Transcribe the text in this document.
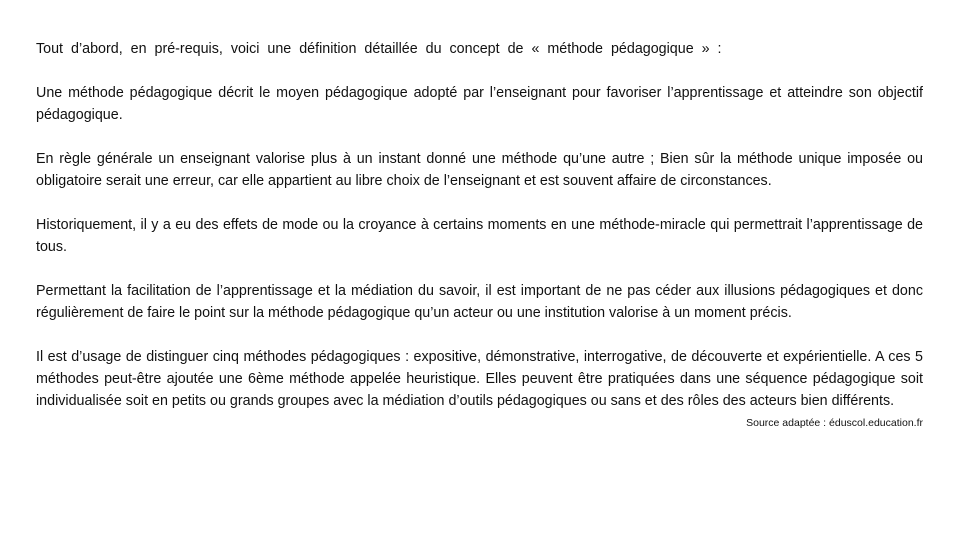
Tout d’abord, en pré-requis, voici une définition détaillée du concept de « méthode pédagogique » :

Une méthode pédagogique décrit le moyen pédagogique adopté par l’enseignant pour favoriser l’apprentissage et atteindre son objectif pédagogique.

En règle générale un enseignant valorise plus à un instant donné une méthode qu’une autre ; Bien sûr la méthode unique imposée ou obligatoire serait une erreur, car elle appartient au libre choix de l’enseignant et est souvent affaire de circonstances.

Historiquement, il y a eu des effets de mode ou la croyance à certains moments en une méthode-miracle qui permettrait l’apprentissage de tous.

Permettant la facilitation de l’apprentissage et la médiation du savoir, il est important de ne pas céder aux illusions pédagogiques et donc régulièrement de faire le point sur la méthode pédagogique qu’un acteur ou une institution valorise à un moment précis.

Il est d’usage de distinguer cinq méthodes pédagogiques : expositive, démonstrative, interrogative, de découverte et expérientielle. A ces 5 méthodes peut-être ajoutée une 6ème méthode appelée heuristique. Elles peuvent être pratiquées dans une séquence pédagogique soit individualisée soit en petits ou grands groupes avec la médiation d’outils pédagogiques ou sans et des rôles des acteurs bien différents.

Source adaptée : éduscol.education.fr
